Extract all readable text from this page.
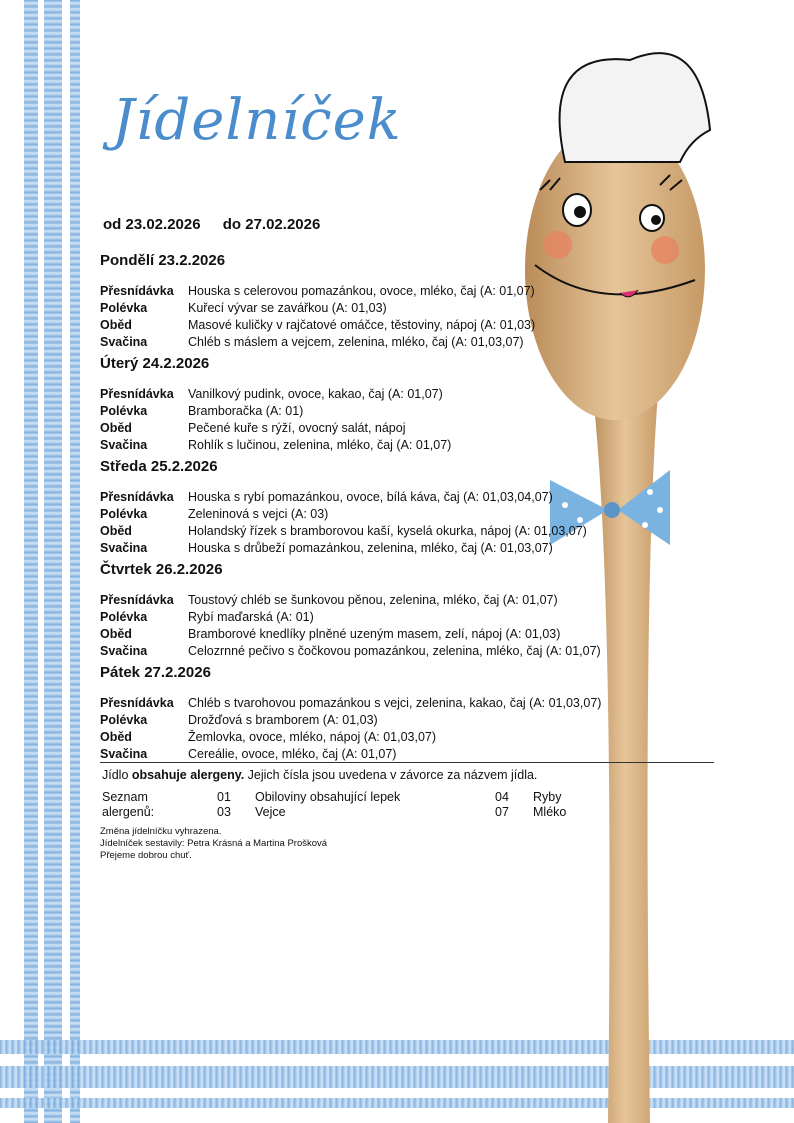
Jídelníček
od 23.02.2026 do 27.02.2026
Pondělí 23.2.2026
Přesnídávka	Houska s celerovou pomazánkou, ovoce, mléko, čaj (A: 01,07)
Polévka	Kuřecí vývar se zavářkou (A: 01,03)
Oběd	Masové kuličky v rajčatové omáčce, těstoviny, nápoj (A: 01,03)
Svačina	Chléb s máslem a vejcem, zelenina, mléko, čaj (A: 01,03,07)
Úterý 24.2.2026
Přesnídávka	Vanilkový pudink, ovoce, kakao, čaj (A: 01,07)
Polévka	Bramboračka (A: 01)
Oběd	Pečené kuře s rýží, ovocný salát, nápoj
Svačina	Rohlík s lučinou, zelenina, mléko, čaj (A: 01,07)
Středa 25.2.2026
Přesnídávka	Houska s rybí pomazánkou, ovoce, bílá káva, čaj (A: 01,03,04,07)
Polévka	Zeleninová s vejci (A: 03)
Oběd	Holandský řízek s bramborovou kaší, kyselá okurka, nápoj (A: 01,03,07)
Svačina	Houska s drůbeží pomazánkou, zelenina, mléko, čaj (A: 01,03,07)
Čtvrtek 26.2.2026
Přesnídávka	Toustový chléb se šunkovou pěnou, zelenina, mléko, čaj (A: 01,07)
Polévka	Rybí maďarská (A: 01)
Oběd	Bramborové knedlíky plněné uzeným masem, zelí, nápoj (A: 01,03)
Svačina	Celozrnné pečivo s čočkovou pomazánkou, zelenina, mléko, čaj (A: 01,07)
Pátek 27.2.2026
Přesnídávka	Chléb s tvarohovou pomazánkou s vejci, zelenina, kakao, čaj (A: 01,03,07)
Polévka	Drožďová s bramborem (A: 01,03)
Oběd	Žemlovka, ovoce, mléko, nápoj (A: 01,03,07)
Svačina	Cereálie, ovoce, mléko, čaj (A: 01,07)
Jídlo obsahuje alergeny. Jejich čísla jsou uvedena v závorce za názvem jídla.
Seznam alergenů:
01 Obiloviny obsahující lepek
03 Vejce
04 Ryby
07 Mléko
Změna jídelníčku vyhrazena.
Jídelníček sestavily: Petra Krásná a Martina Prošková
Přejeme dobrou chuť.
